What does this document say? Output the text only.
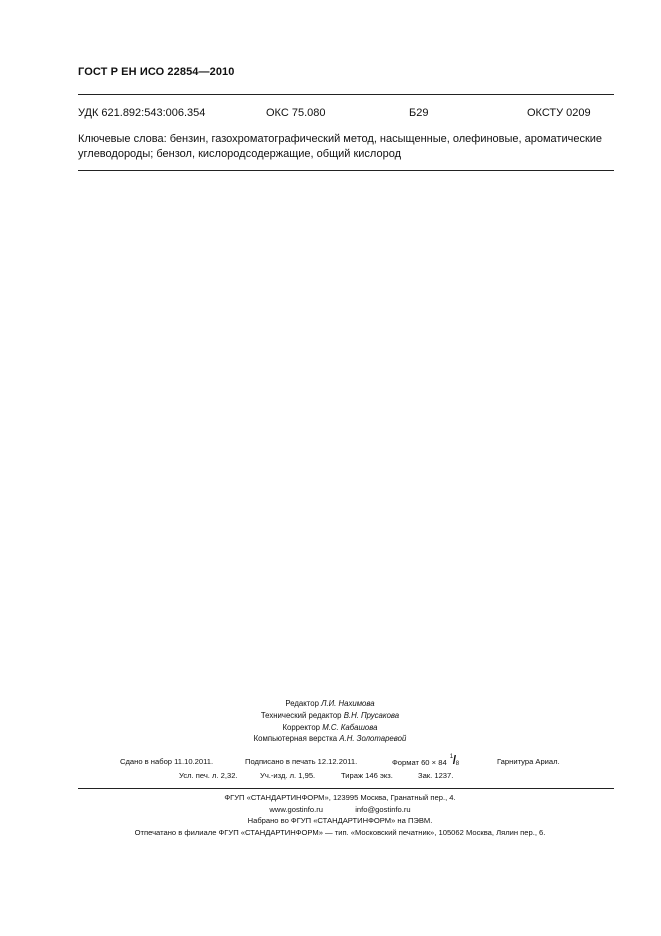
ГОСТ Р ЕН ИСО 22854—2010
УДК 621.892:543:006.354	ОКС 75.080	Б29	ОКСТУ 0209
Ключевые слова: бензин, газохроматографический метод, насыщенные, олефиновые, ароматические углеводороды; бензол, кислородсодержащие, общий кислород
Редактор Л.И. Нахимова
Технический редактор В.Н. Прусакова
Корректор М.С. Кабашова
Компьютерная верстка А.Н. Золотаревой
Сдано в набор 11.10.2011.	Подписано в печать 12.12.2011.	Формат 60 × 84
1 / 8	Гарнитура Ариал.
Усл. печ. л. 2,32.	Уч.-изд. л. 1,95.	Тираж 146 экз.	Зак. 1237.
ФГУП «СТАНДАРТИНФОРМ», 123995 Москва, Гранатный пер., 4.
www.gostinfo.ru	info@gostinfo.ru
Набрано во ФГУП «СТАНДАРТИНФОРМ» на ПЭВМ.
Отпечатано в филиале ФГУП «СТАНДАРТИНФОРМ» — тип. «Московский печатник», 105062 Москва, Лялин пер., 6.
